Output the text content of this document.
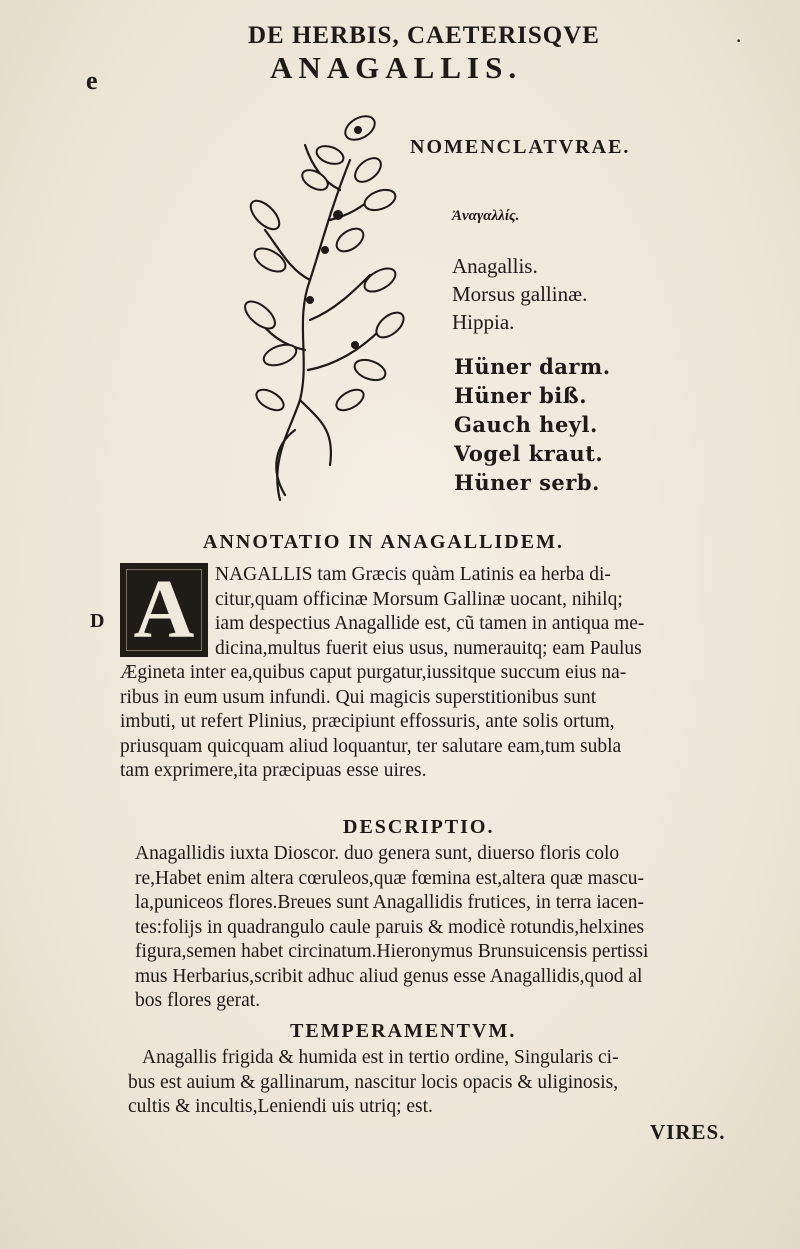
DE HERBIS, CAETERISQVE
e	ANAGALLIS.
·
NOMENCLATVRAE.
Ἀναγαλλίς.
Anagallis.
Morsus gallinæ.
Hippia.
Hüner darm.
Hüner biß.
Gauch heyl.
Vogel kraut.
Hüner serb.
ANNOTATIO IN ANAGALLIDEM.
A
D
NAGALLIS tam Græcis quàm Latinis ea herba di-
citur,quam officinæ Morsum Gallinæ uocant, nihilq;
iam despectius Anagallide est, cũ tamen in antiqua me-
dicina,multus fuerit eius usus, numerauitq; eam Paulus
Ægineta inter ea,quibus caput purgatur,iussitque succum eius na-
ribus in eum usum infundi. Qui magicis superstitionibus sunt
imbuti, ut refert Plinius, præcipiunt effossuris, ante solis ortum,
priusquam quicquam aliud loquantur, ter salutare eam,tum subla
tam exprimere,ita præcipuas esse uires.
DESCRIPTIO.
Anagallidis iuxta Dioscor. duo genera sunt, diuerso floris colo
re,Habet enim altera cœruleos,quæ fœmina est,altera quæ mascu-
la,puniceos flores.Breues sunt Anagallidis frutices, in terra iacen-
tes:folijs in quadrangulo caule paruis & modicè rotundis,helxines
figura,semen habet circinatum.Hieronymus Brunsuicensis pertissi
mus Herbarius,scribit adhuc aliud genus esse Anagallidis,quod al
bos flores gerat.
TEMPERAMENTVM.
Anagallis frigida & humida est in tertio ordine, Singularis ci-
bus est auium & gallinarum, nascitur locis opacis & uliginosis,
cultis & incultis,Leniendi uis utriq; est.
VIRES.
